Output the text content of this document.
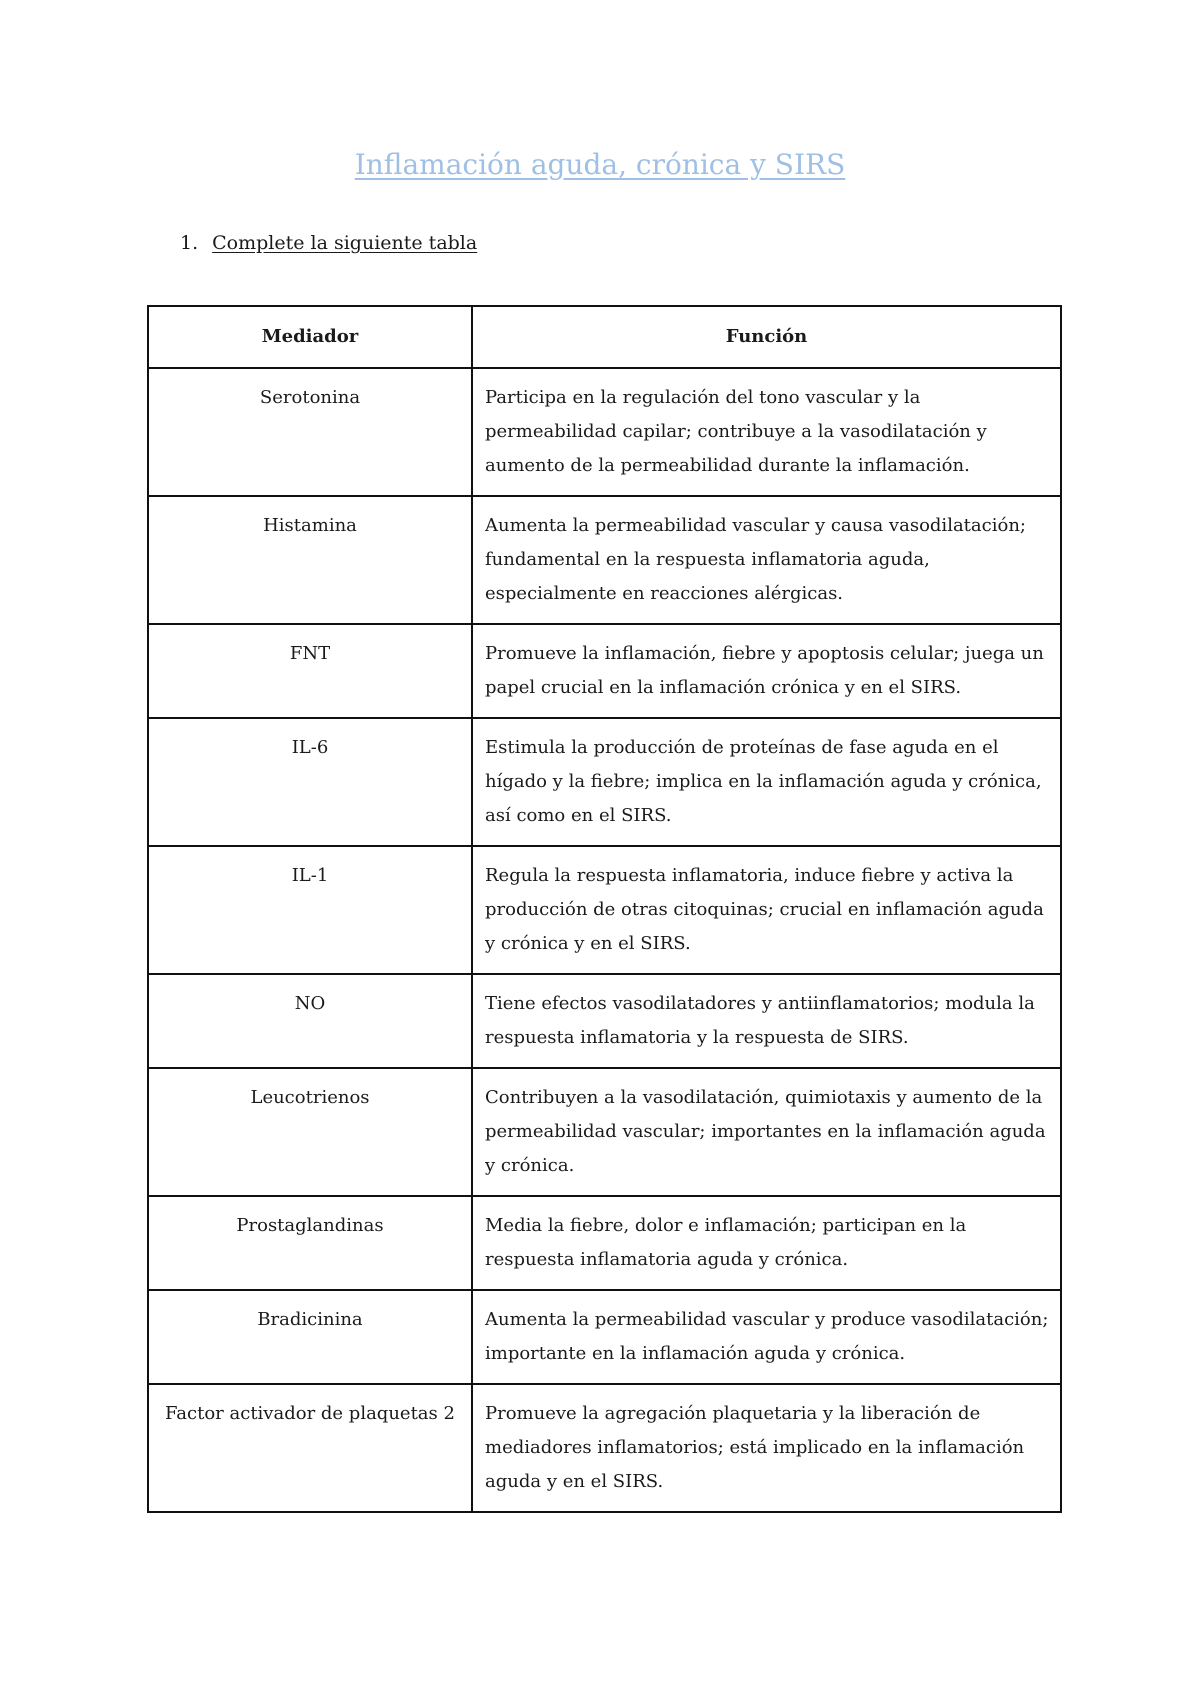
Inflamación aguda, crónica y SIRS
1. Complete la siguiente tabla
Mediador	Función
Serotonina	Participa en la regulación del tono vascular y la permeabilidad capilar; contribuye a la vasodilatación y aumento de la permeabilidad durante la inflamación.
Histamina	Aumenta la permeabilidad vascular y causa vasodilatación; fundamental en la respuesta inflamatoria aguda, especialmente en reacciones alérgicas.
FNT	Promueve la inflamación, fiebre y apoptosis celular; juega un papel crucial en la inflamación crónica y en el SIRS.
IL-6	Estimula la producción de proteínas de fase aguda en el hígado y la fiebre; implica en la inflamación aguda y crónica, así como en el SIRS.
IL-1	Regula la respuesta inflamatoria, induce fiebre y activa la producción de otras citoquinas; crucial en inflamación aguda y crónica y en el SIRS.
NO	Tiene efectos vasodilatadores y antiinflamatorios; modula la respuesta inflamatoria y la respuesta de SIRS.
Leucotrienos	Contribuyen a la vasodilatación, quimiotaxis y aumento de la permeabilidad vascular; importantes en la inflamación aguda y crónica.
Prostaglandinas	Media la fiebre, dolor e inflamación; participan en la respuesta inflamatoria aguda y crónica.
Bradicinina	Aumenta la permeabilidad vascular y produce vasodilatación; importante en la inflamación aguda y crónica.
Factor activador de plaquetas 2	Promueve la agregación plaquetaria y la liberación de mediadores inflamatorios; está implicado en la inflamación aguda y en el SIRS.
